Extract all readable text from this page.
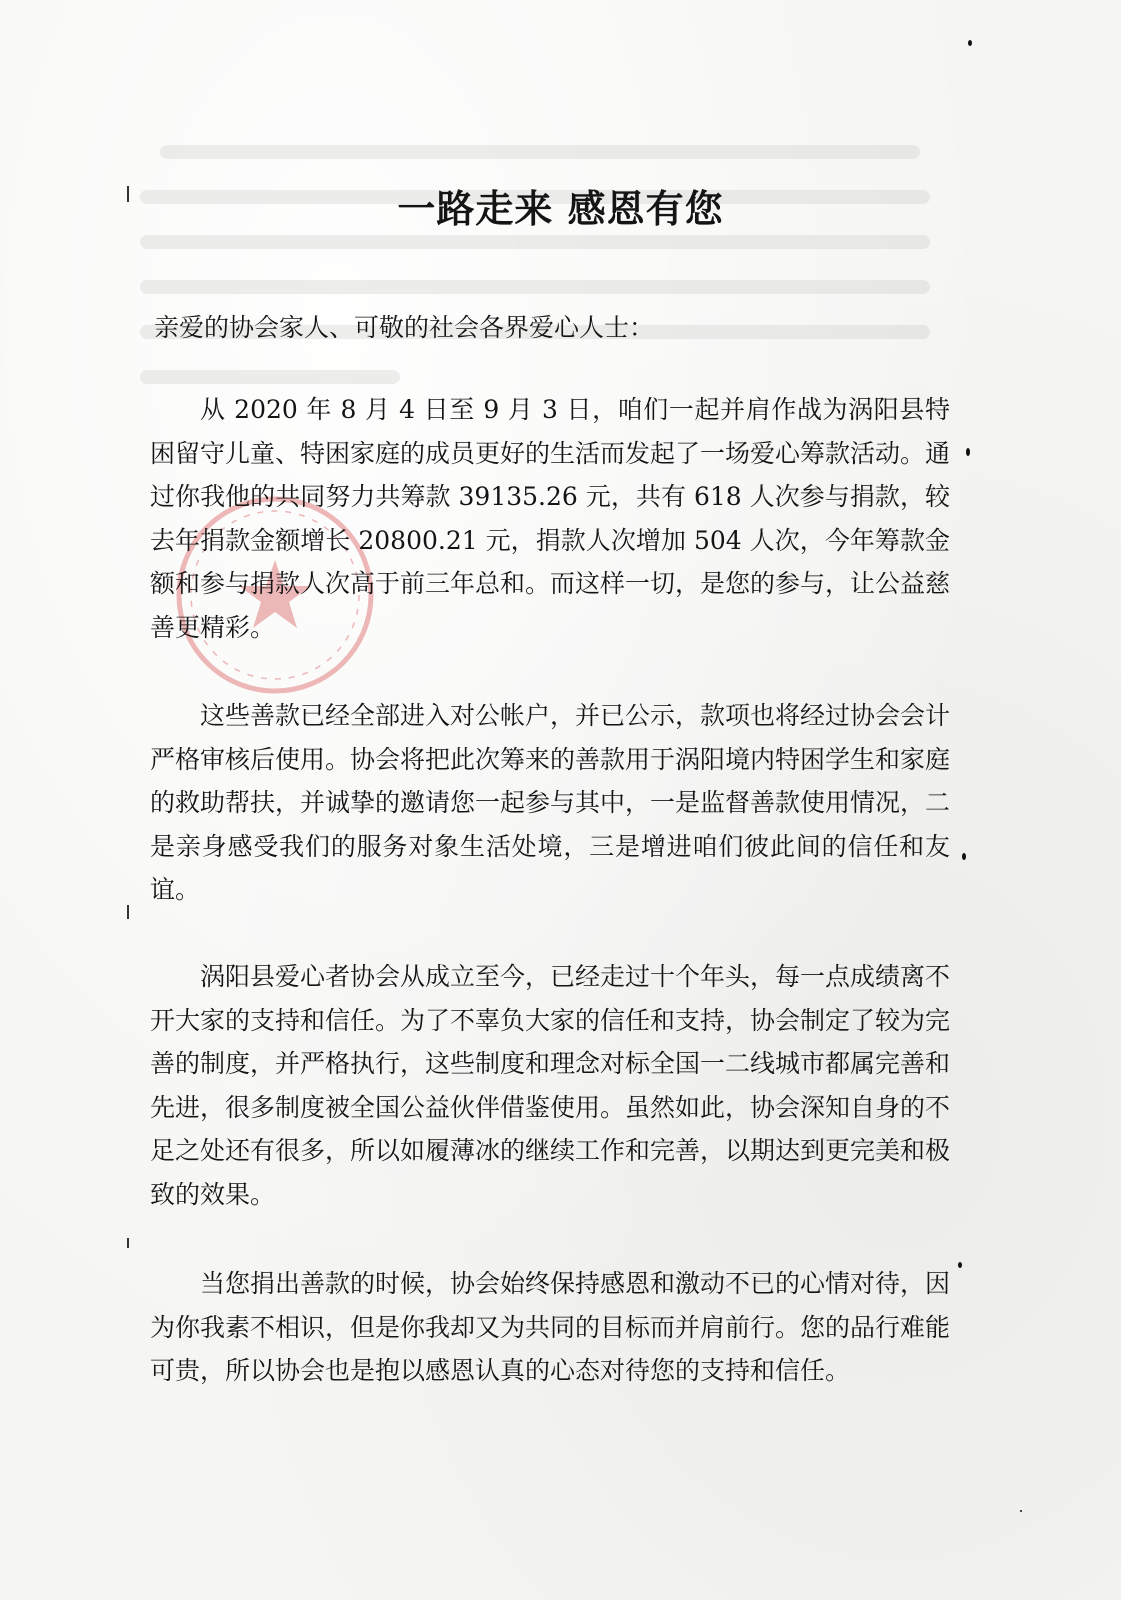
一路走来 感恩有您

亲爱的协会家人、可敬的社会各界爱心人士：

从 2020 年 8 月 4 日至 9 月 3 日，咱们一起并肩作战为涡阳县特困留守儿童、特困家庭的成员更好的生活而发起了一场爱心筹款活动。通过你我他的共同努力共筹款 39135.26 元，共有 618 人次参与捐款，较去年捐款金额增长 20800.21 元，捐款人次增加 504 人次，今年筹款金额和参与捐款人次高于前三年总和。而这样一切，是您的参与，让公益慈善更精彩。

这些善款已经全部进入对公帐户，并已公示，款项也将经过协会会计严格审核后使用。协会将把此次筹来的善款用于涡阳境内特困学生和家庭的救助帮扶，并诚挚的邀请您一起参与其中，一是监督善款使用情况，二是亲身感受我们的服务对象生活处境，三是增进咱们彼此间的信任和友谊。

涡阳县爱心者协会从成立至今，已经走过十个年头，每一点成绩离不开大家的支持和信任。为了不辜负大家的信任和支持，协会制定了较为完善的制度，并严格执行，这些制度和理念对标全国一二线城市都属完善和先进，很多制度被全国公益伙伴借鉴使用。虽然如此，协会深知自身的不足之处还有很多，所以如履薄冰的继续工作和完善，以期达到更完美和极致的效果。

当您捐出善款的时候，协会始终保持感恩和激动不已的心情对待，因为你我素不相识，但是你我却又为共同的目标而并肩前行。您的品行难能可贵，所以协会也是抱以感恩认真的心态对待您的支持和信任。
